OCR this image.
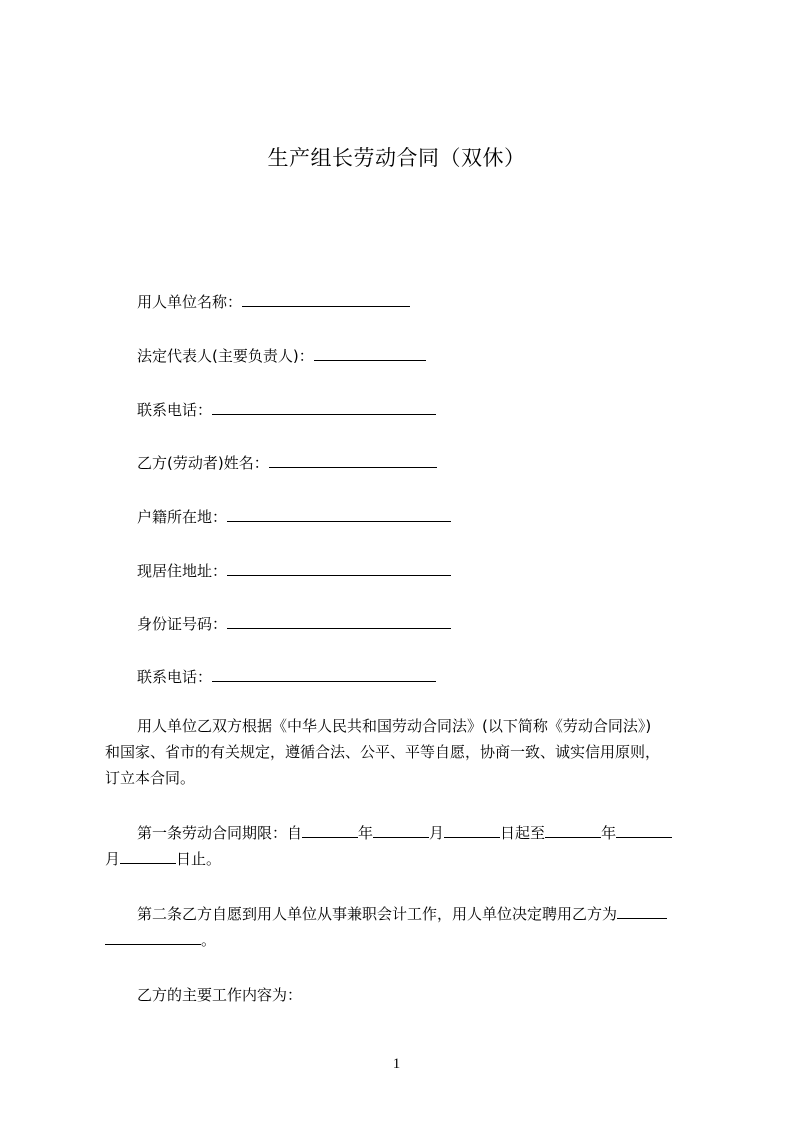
生产组长劳动合同（双休）
用人单位名称：
法定代表人(主要负责人)：
联系电话：
乙方(劳动者)姓名：
户籍所在地：
现居住地址：
身份证号码：
联系电话：
用人单位乙双方根据《中华人民共和国劳动合同法》(以下简称《劳动合同法》)
和国家、省市的有关规定，遵循合法、公平、平等自愿，协商一致、诚实信用原则，
订立本合同。
第一条劳动合同期限：自	年	月	日起至	年
月	日止。
第二条乙方自愿到用人单位从事兼职会计工作，用人单位决定聘用乙方为
。
乙方的主要工作内容为：
1
